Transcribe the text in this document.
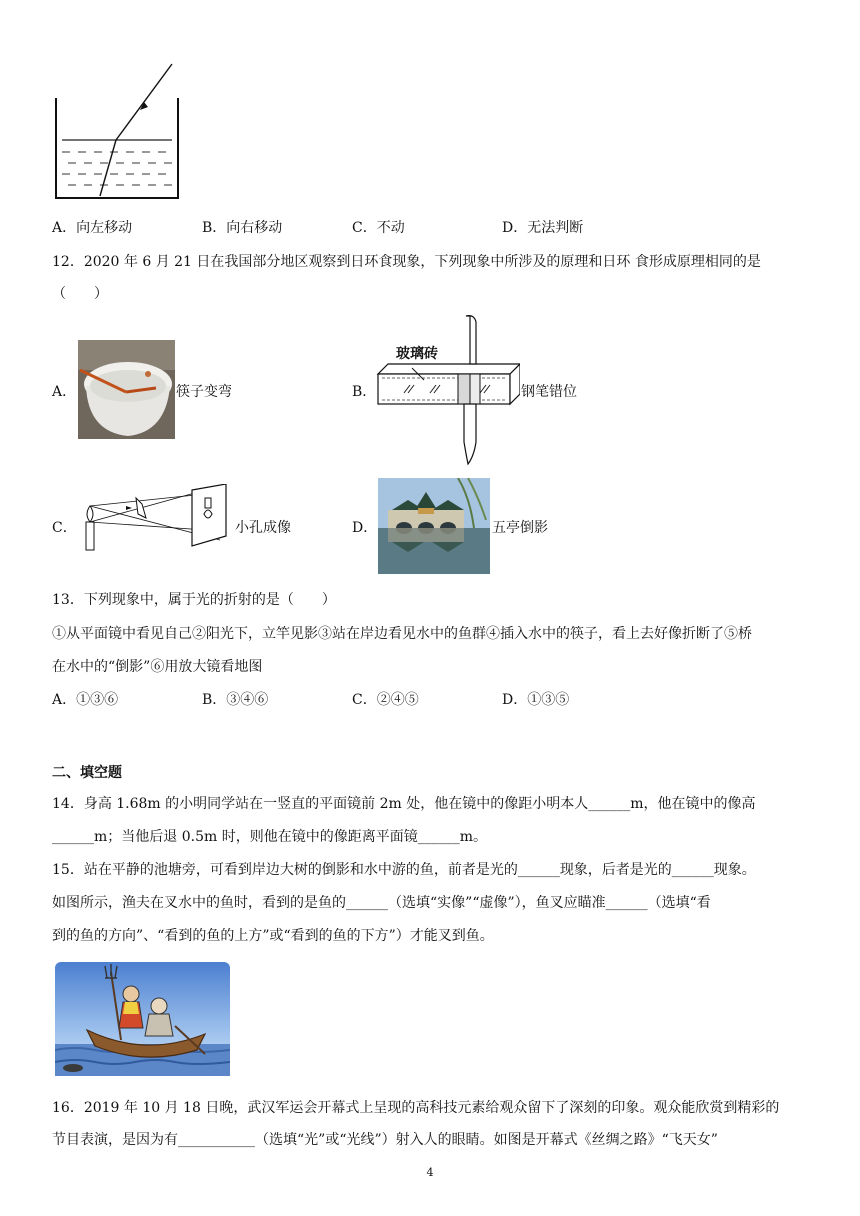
A．向左移动	B．向右移动	C．不动	D．无法判断
12．2020 年 6 月 21 日在我国部分地区观察到日环食现象，下列现象中所涉及的原理和日环 食形成原理相同的是
（　　）
A．	筷子变弯	B．
玻璃砖
钢笔错位
C．	小孔成像	D．	五亭倒影
13．下列现象中，属于光的折射的是（　　）
①从平面镜中看见自己②阳光下，立竿见影③站在岸边看见水中的鱼群④插入水中的筷子，看上去好像折断了⑤桥
在水中的“倒影”⑥用放大镜看地图
A．①③⑥	B．③④⑥	C．②④⑤	D．①③⑤
二、填空题
14．身高 1.68m 的小明同学站在一竖直的平面镜前 2m 处，他在镜中的像距小明本人______m，他在镜中的像高
______m；当他后退 0.5m 时，则他在镜中的像距离平面镜______m。
15．站在平静的池塘旁，可看到岸边大树的倒影和水中游的鱼，前者是光的______现象，后者是光的______现象。
如图所示，渔夫在叉水中的鱼时，看到的是鱼的______（选填“实像”“虚像”），鱼叉应瞄准______（选填“看
到的鱼的方向”、“看到的鱼的上方”或“看到的鱼的下方”）才能叉到鱼。
16．2019 年 10 月 18 日晚，武汉军运会开幕式上呈现的高科技元素给观众留下了深刻的印象。观众能欣赏到精彩的
节目表演，是因为有___________（选填“光”或“光线”）射入人的眼睛。如图是开幕式《丝绸之路》“飞天女”
4
